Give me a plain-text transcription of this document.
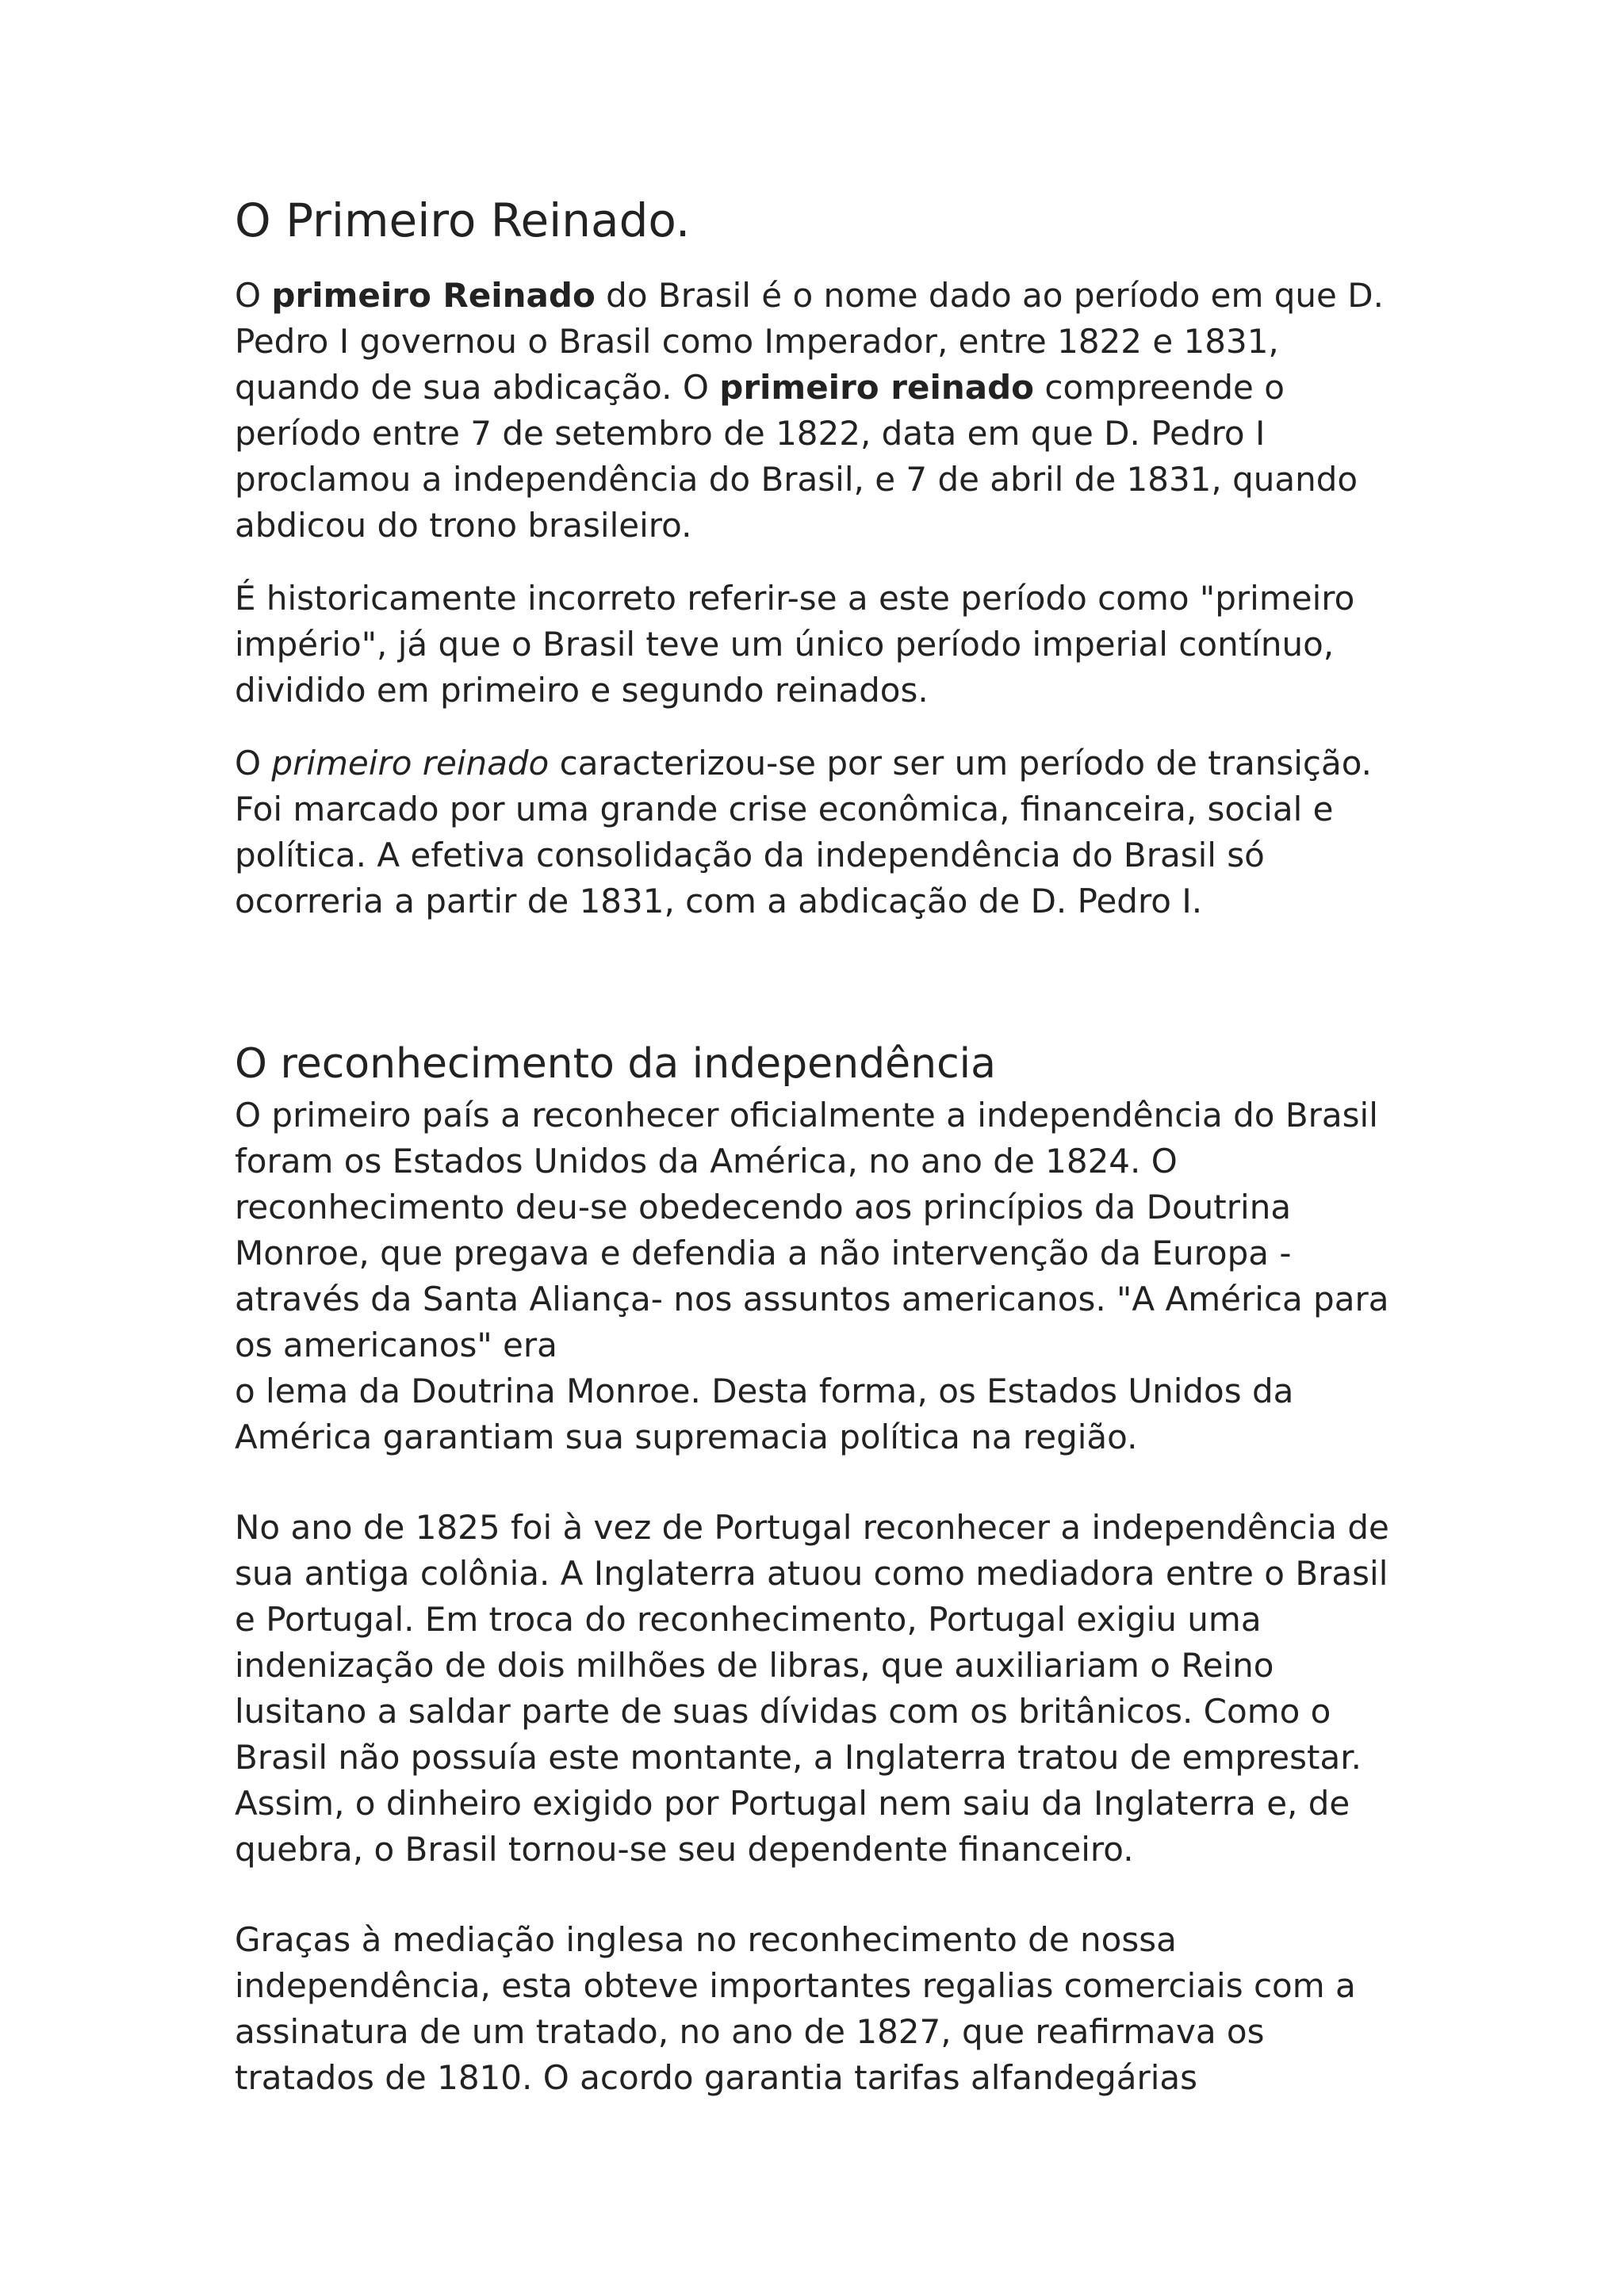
O Primeiro Reinado.

O primeiro Reinado do Brasil é o nome dado ao período em que D.
Pedro I governou o Brasil como Imperador, entre 1822 e 1831,
quando de sua abdicação. O primeiro reinado compreende o
período entre 7 de setembro de 1822, data em que D. Pedro I
proclamou a independência do Brasil, e 7 de abril de 1831, quando
abdicou do trono brasileiro.

É historicamente incorreto referir-se a este período como "primeiro
império", já que o Brasil teve um único período imperial contínuo,
dividido em primeiro e segundo reinados.

O primeiro reinado caracterizou-se por ser um período de transição.
Foi marcado por uma grande crise econômica, financeira, social e
política. A efetiva consolidação da independência do Brasil só
ocorreria a partir de 1831, com a abdicação de D. Pedro I.

O reconhecimento da independência

O primeiro país a reconhecer oficialmente a independência do Brasil
foram os Estados Unidos da América, no ano de 1824. O
reconhecimento deu-se obedecendo aos princípios da Doutrina
Monroe, que pregava e defendia a não intervenção da Europa -
através da Santa Aliança- nos assuntos americanos. "A América para
os americanos" era
o lema da Doutrina Monroe. Desta forma, os Estados Unidos da
América garantiam sua supremacia política na região.

No ano de 1825 foi à vez de Portugal reconhecer a independência de
sua antiga colônia. A Inglaterra atuou como mediadora entre o Brasil
e Portugal. Em troca do reconhecimento, Portugal exigiu uma
indenização de dois milhões de libras, que auxiliariam o Reino
lusitano a saldar parte de suas dívidas com os britânicos. Como o
Brasil não possuía este montante, a Inglaterra tratou de emprestar.
Assim, o dinheiro exigido por Portugal nem saiu da Inglaterra e, de
quebra, o Brasil tornou-se seu dependente financeiro.

Graças à mediação inglesa no reconhecimento de nossa
independência, esta obteve importantes regalias comerciais com a
assinatura de um tratado, no ano de 1827, que reafirmava os
tratados de 1810. O acordo garantia tarifas alfandegárias
